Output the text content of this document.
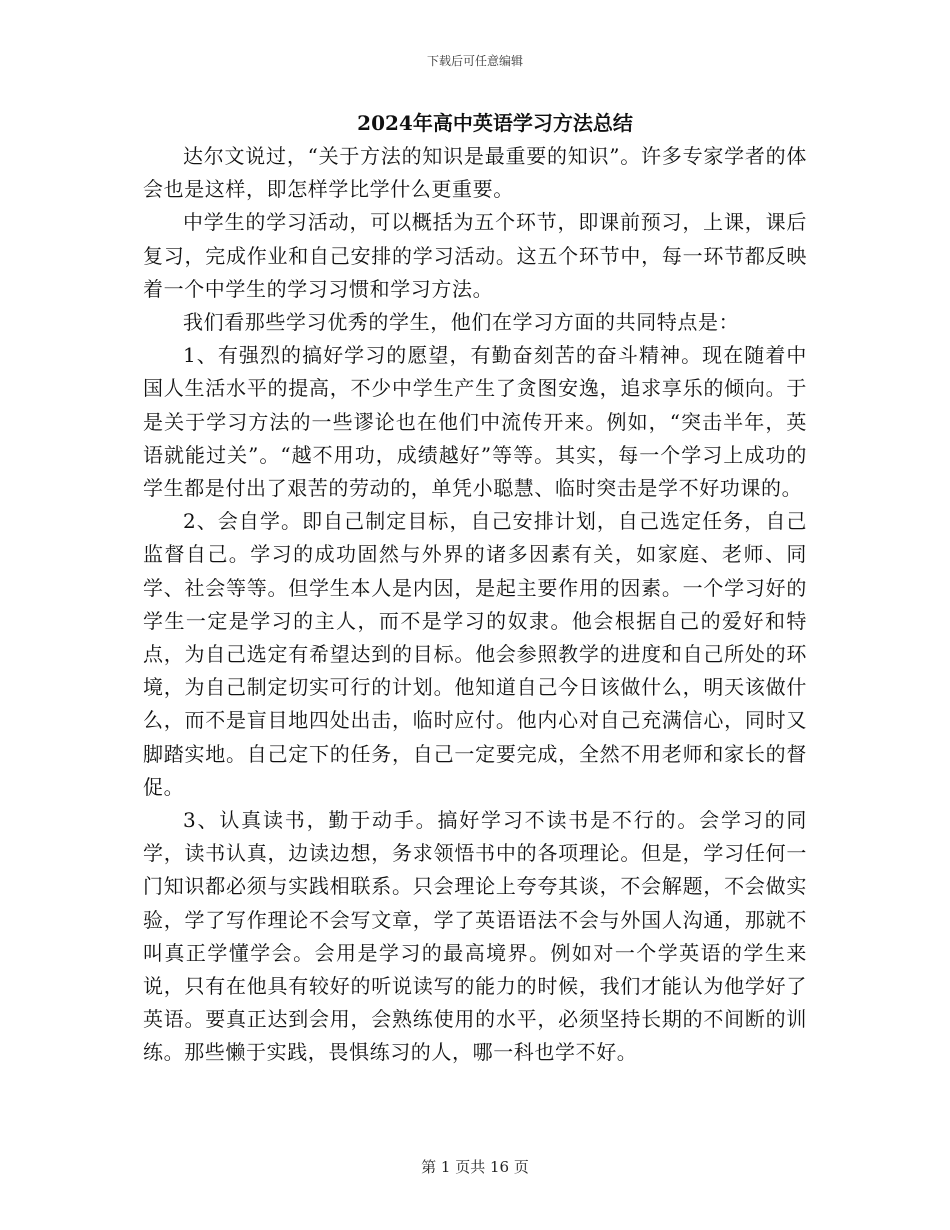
下载后可任意编辑
2024年高中英语学习方法总结

达尔文说过，“关于方法的知识是最重要的知识”。许多专家学者的体会也是这样，即怎样学比学什么更重要。

中学生的学习活动，可以概括为五个环节，即课前预习，上课，课后复习，完成作业和自己安排的学习活动。这五个环节中，每一环节都反映着一个中学生的学习习惯和学习方法。

我们看那些学习优秀的学生，他们在学习方面的共同特点是：

1、有强烈的搞好学习的愿望，有勤奋刻苦的奋斗精神。现在随着中国人生活水平的提高，不少中学生产生了贪图安逸，追求享乐的倾向。于是关于学习方法的一些谬论也在他们中流传开来。例如，“突击半年，英语就能过关”。“越不用功，成绩越好”等等。其实，每一个学习上成功的学生都是付出了艰苦的劳动的，单凭小聪慧、临时突击是学不好功课的。

2、会自学。即自己制定目标，自己安排计划，自己选定任务，自己监督自己。学习的成功固然与外界的诸多因素有关，如家庭、老师、同学、社会等等。但学生本人是内因，是起主要作用的因素。一个学习好的学生一定是学习的主人，而不是学习的奴隶。他会根据自己的爱好和特点，为自己选定有希望达到的目标。他会参照教学的进度和自己所处的环境，为自己制定切实可行的计划。他知道自己今日该做什么，明天该做什么，而不是盲目地四处出击，临时应付。他内心对自己充满信心，同时又脚踏实地。自己定下的任务，自己一定要完成，全然不用老师和家长的督促。

3、认真读书，勤于动手。搞好学习不读书是不行的。会学习的同学，读书认真，边读边想，务求领悟书中的各项理论。但是，学习任何一门知识都必须与实践相联系。只会理论上夸夸其谈，不会解题，不会做实验，学了写作理论不会写文章，学了英语语法不会与外国人沟通，那就不叫真正学懂学会。会用是学习的最高境界。例如对一个学英语的学生来说，只有在他具有较好的听说读写的能力的时候，我们才能认为他学好了英语。要真正达到会用，会熟练使用的水平，必须坚持长期的不间断的训练。那些懒于实践，畏惧练习的人，哪一科也学不好。

第 1 页共 16 页
